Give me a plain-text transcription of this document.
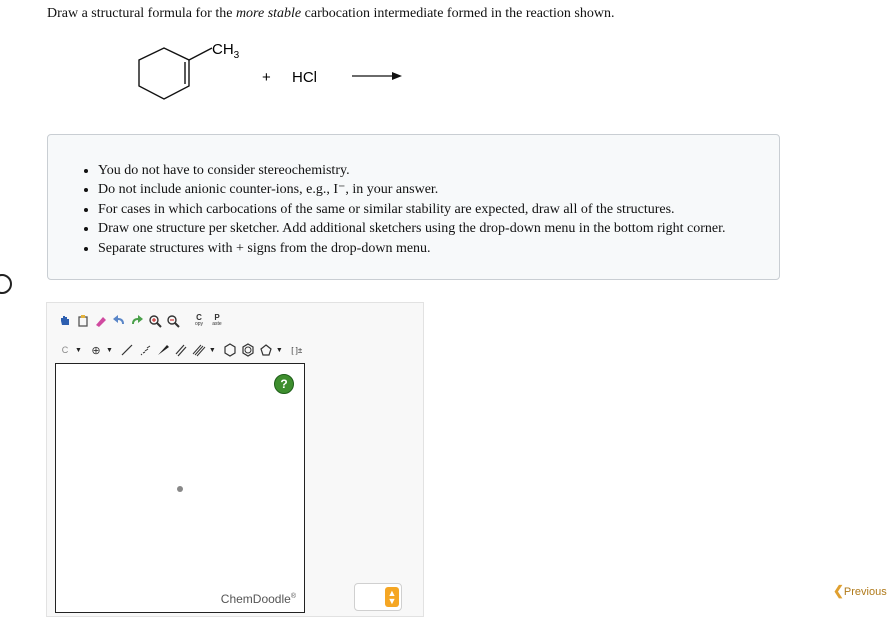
Draw a structural formula for the more stable carbocation intermediate formed in the reaction shown.
$CH_3$
+ HCl
• You do not have to consider stereochemistry.
• Do not include anionic counter-ions, e.g., I⁻, in your answer.
• For cases in which carbocations of the same or similar stability are expected, draw all of the structures.
• Draw one structure per sketcher. Add additional sketchers using the drop-down menu in the bottom right corner.
• Separate structures with + signs from the drop-down menu.
C
opy
P
aste
C ▼ ⊕ ▼	▼	▼	[ ]±
?
ChemDoodle®	▲
▼
❮Previous
